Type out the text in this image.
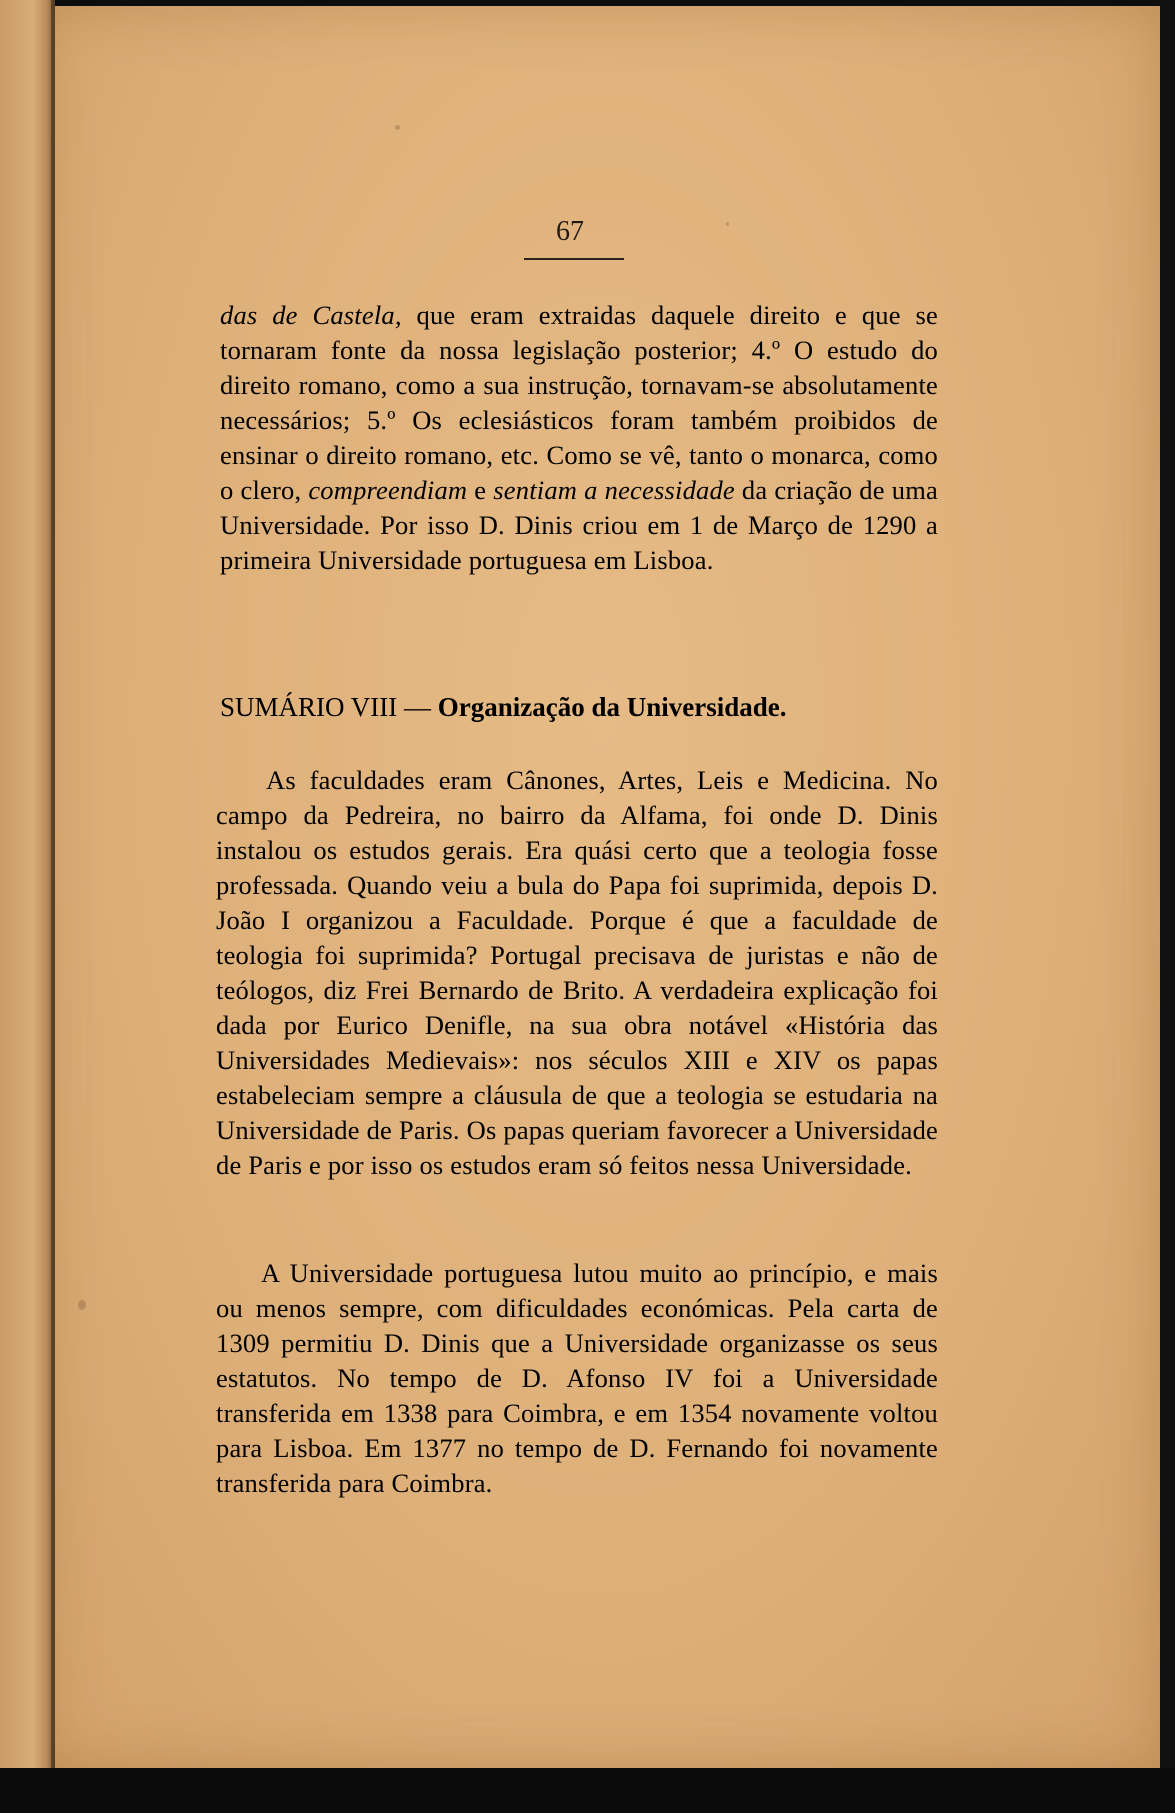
67

das de Castela, que eram extraidas daquele direito e que se tornaram fonte da nossa legislação posterior; 4.º O estudo do direito romano, como a sua instrução, tornavam-se absolutamente necessários; 5.º Os eclesiásticos foram também proibidos de ensinar o direito romano, etc. Como se vê, tanto o monarca, como o clero, compreendiam e sentiam a necessidade da criação de uma Universidade. Por isso D. Dinis criou em 1 de Março de 1290 a primeira Universidade portuguesa em Lisboa.

SUMÁRIO VIII — Organização da Universidade.

As faculdades eram Cânones, Artes, Leis e Medicina. No campo da Pedreira, no bairro da Alfama, foi onde D. Dinis instalou os estudos gerais. Era quási certo que a teologia fosse professada. Quando veiu a bula do Papa foi suprimida, depois D. João I organizou a Faculdade. Porque é que a faculdade de teologia foi suprimida? Portugal precisava de juristas e não de teólogos, diz Frei Bernardo de Brito. A verdadeira explicação foi dada por Eurico Denifle, na sua obra notável «História das Universidades Medievais»: nos séculos XIII e XIV os papas estabeleciam sempre a cláusula de que a teologia se estudaria na Universidade de Paris. Os papas queriam favorecer a Universidade de Paris e por isso os estudos eram só feitos nessa Universidade.

A Universidade portuguesa lutou muito ao princípio, e mais ou menos sempre, com dificuldades económicas. Pela carta de 1309 permitiu D. Dinis que a Universidade organizasse os seus estatutos. No tempo de D. Afonso IV foi a Universidade transferida em 1338 para Coimbra, e em 1354 novamente voltou para Lisboa. Em 1377 no tempo de D. Fernando foi novamente transferida para Coimbra.
